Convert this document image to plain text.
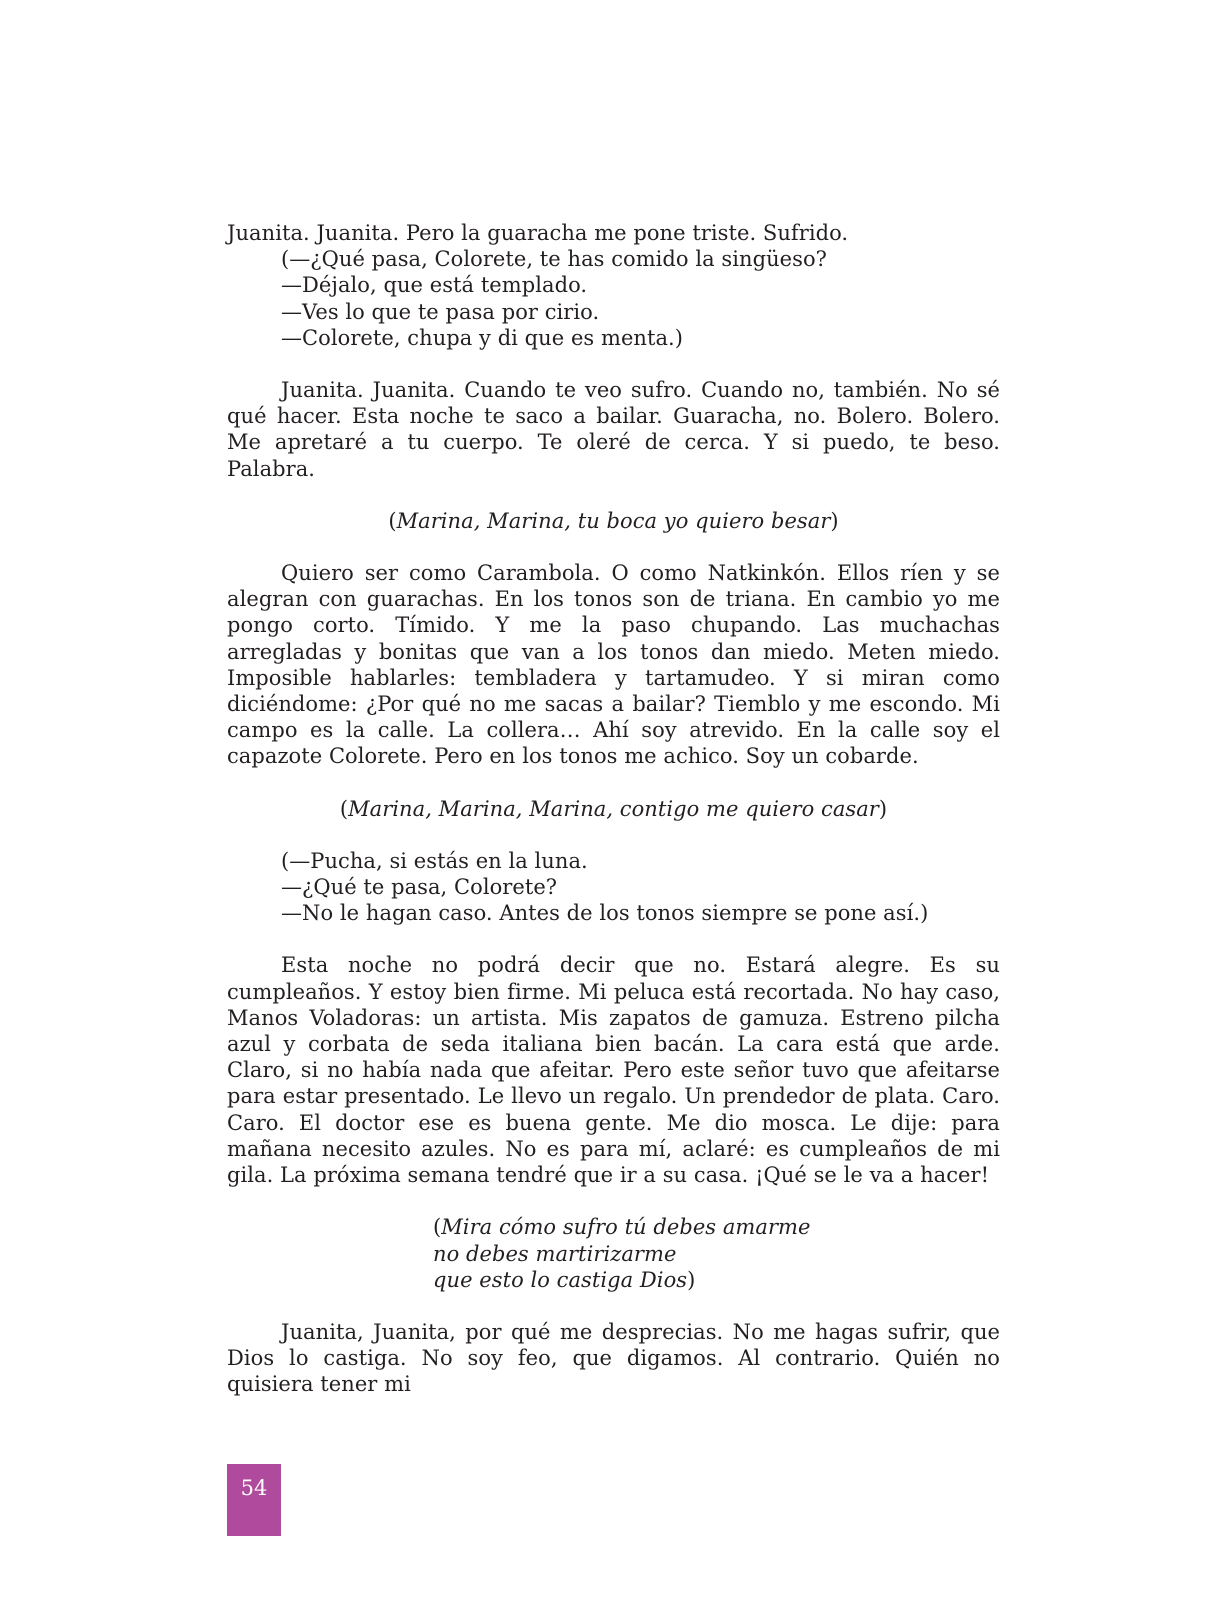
Juanita. Juanita. Pero la guaracha me pone triste. Sufrido.

(—¿Qué pasa, Colorete, te has comido la singüeso?
—Déjalo, que está templado.
—Ves lo que te pasa por cirio.
—Colorete, chupa y di que es menta.)

Juanita. Juanita. Cuando te veo sufro. Cuando no, también. No sé qué hacer. Esta noche te saco a bailar. Guaracha, no. Bolero. Bolero. Me apretaré a tu cuerpo. Te oleré de cerca. Y si puedo, te beso. Palabra.

(Marina, Marina, tu boca yo quiero besar)

Quiero ser como Carambola. O como Natkinkón. Ellos ríen y se alegran con guarachas. En los tonos son de triana. En cambio yo me pongo corto. Tímido. Y me la paso chupando. Las muchachas arregladas y bonitas que van a los tonos dan miedo. Meten miedo. Imposible hablarles: tembladera y tartamudeo. Y si miran como diciéndome: ¿Por qué no me sacas a bailar? Tiemblo y me escondo. Mi campo es la calle. La collera… Ahí soy atrevido. En la calle soy el capazote Colorete. Pero en los tonos me achico. Soy un cobarde.

(Marina, Marina, Marina, contigo me quiero casar)

(—Pucha, si estás en la luna.
—¿Qué te pasa, Colorete?
—No le hagan caso. Antes de los tonos siempre se pone así.)

Esta noche no podrá decir que no. Estará alegre. Es su cumpleaños. Y estoy bien firme. Mi peluca está recortada. No hay caso, Manos Voladoras: un artista. Mis zapatos de gamuza. Estreno pilcha azul y corbata de seda italiana bien bacán. La cara está que arde. Claro, si no había nada que afeitar. Pero este señor tuvo que afeitarse para estar presentado. Le llevo un regalo. Un prendedor de plata. Caro. Caro. El doctor ese es buena gente. Me dio mosca. Le dije: para mañana necesito azules. No es para mí, aclaré: es cumpleaños de mi gila. La próxima semana tendré que ir a su casa. ¡Qué se le va a hacer!

(Mira cómo sufro tú debes amarme
no debes martirizarme
que esto lo castiga Dios)

Juanita, Juanita, por qué me desprecias. No me hagas sufrir, que Dios lo castiga. No soy feo, que digamos. Al contrario. Quién no quisiera tener mi

54
